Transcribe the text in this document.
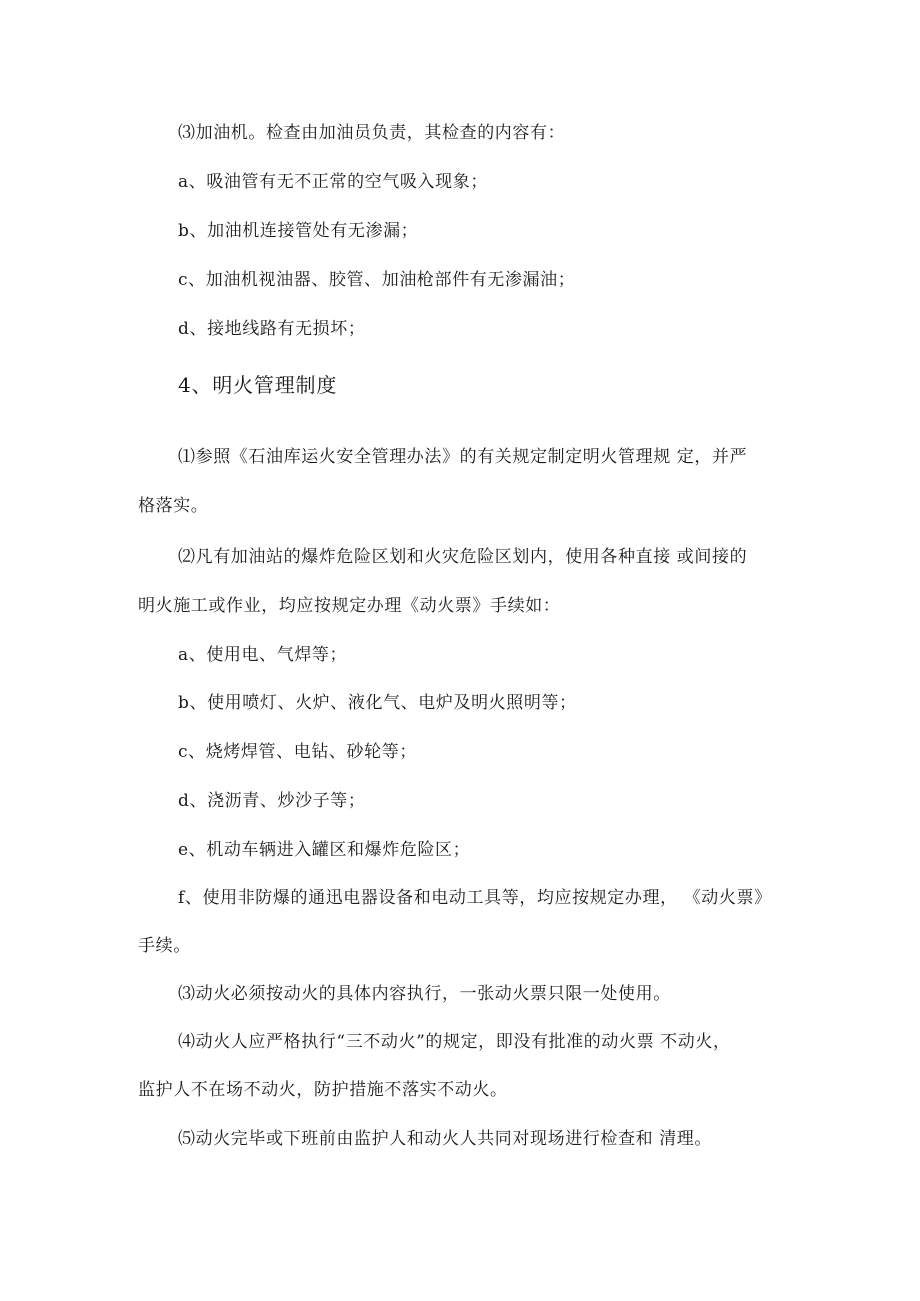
⑶加油机。检查由加油员负责，其检查的内容有：
a、吸油管有无不正常的空气吸入现象；
b、加油机连接管处有无渗漏；
c、加油机视油器、胶管、加油枪部件有无渗漏油；
d、接地线路有无损坏；
4、明火管理制度
⑴参照《石油库运火安全管理办法》的有关规定制定明火管理规 定，并严
格落实。
⑵凡有加油站的爆炸危险区划和火灾危险区划内，使用各种直接 或间接的
明火施工或作业，均应按规定办理《动火票》手续如：
a、使用电、气焊等；
b、使用喷灯、火炉、液化气、电炉及明火照明等；
c、烧烤焊管、电钻、砂轮等；
d、浇沥青、炒沙子等；
e、机动车辆进入罐区和爆炸危险区；
f、使用非防爆的通迅电器设备和电动工具等，均应按规定办理， 《动火票》
手续。
⑶动火必须按动火的具体内容执行，一张动火票只限一处使用。
⑷动火人应严格执行“三不动火”的规定，即没有批准的动火票 不动火，
监护人不在场不动火，防护措施不落实不动火。
⑸动火完毕或下班前由监护人和动火人共同对现场进行检查和 清理。
